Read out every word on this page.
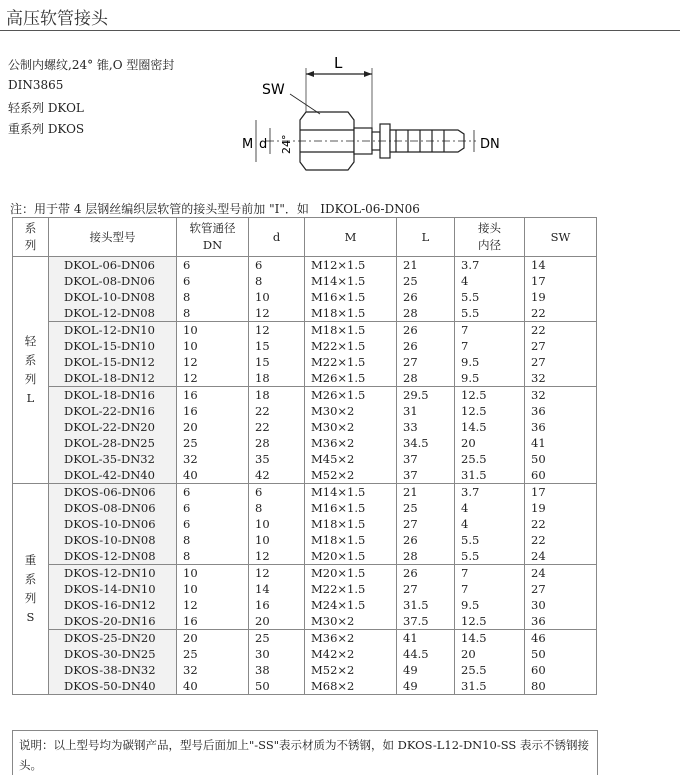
高压软管接头
公制内螺纹,24° 锥,O 型圈密封
DIN3865
轻系列 DKOL
重系列 DKOS
L
SW
M d 24°	DN
注：用于带 4 层钢丝编织层软管的接头型号前加 "Ⅰ"．如   IDKOL-06-DN06
系
列	接头型号	软管通径
DN	d	M	L	接头
内径	SW
轻
系
列
L	DKOL-06-DN06	6	6	M12×1.5	21	3.7	14
	DKOL-08-DN06	6	8	M14×1.5	25	4	17
	DKOL-10-DN08	8	10	M16×1.5	26	5.5	19
	DKOL-12-DN08	8	12	M18×1.5	28	5.5	22
	DKOL-12-DN10	10	12	M18×1.5	26	7	22
	DKOL-15-DN10	10	15	M22×1.5	26	7	27
	DKOL-15-DN12	12	15	M22×1.5	27	9.5	27
	DKOL-18-DN12	12	18	M26×1.5	28	9.5	32
	DKOL-18-DN16	16	18	M26×1.5	29.5	12.5	32
	DKOL-22-DN16	16	22	M30×2	31	12.5	36
	DKOL-22-DN20	20	22	M30×2	33	14.5	36
	DKOL-28-DN25	25	28	M36×2	34.5	20	41
	DKOL-35-DN32	32	35	M45×2	37	25.5	50
	DKOL-42-DN40	40	42	M52×2	37	31.5	60
重
系
列
S	DKOS-06-DN06	6	6	M14×1.5	21	3.7	17
	DKOS-08-DN06	6	8	M16×1.5	25	4	19
	DKOS-10-DN06	6	10	M18×1.5	27	4	22
	DKOS-10-DN08	8	10	M18×1.5	26	5.5	22
	DKOS-12-DN08	8	12	M20×1.5	28	5.5	24
	DKOS-12-DN10	10	12	M20×1.5	26	7	24
	DKOS-14-DN10	10	14	M22×1.5	27	7	27
	DKOS-16-DN12	12	16	M24×1.5	31.5	9.5	30
	DKOS-20-DN16	16	20	M30×2	37.5	12.5	36
	DKOS-25-DN20	20	25	M36×2	41	14.5	46
	DKOS-30-DN25	25	30	M42×2	44.5	20	50
	DKOS-38-DN32	32	38	M52×2	49	25.5	60
	DKOS-50-DN40	40	50	M68×2	49	31.5	80
说明：以上型号均为碳钢产品，型号后面加上"-SS"表示材质为不锈钢，如 DKOS-L12-DN10-SS 表示不锈钢接头。
